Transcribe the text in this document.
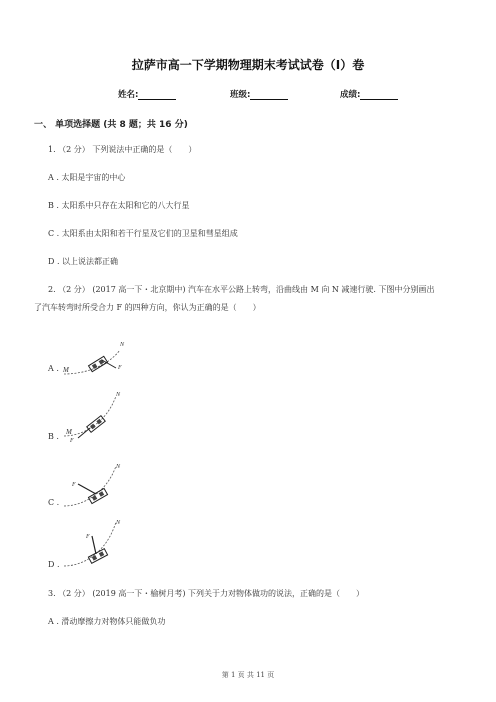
拉萨市高一下学期物理期末考试试卷（I）卷
姓名:	班级:	成绩:
一、 单项选择题 (共 8 题；共 16 分)
1. （2 分） 下列说法中正确的是（　　）
A . 太阳是宇宙的中心
B . 太阳系中只存在太阳和它的八大行星
C . 太阳系由太阳和若干行星及它们的卫星和彗星组成
D . 以上说法都正确
2. （2 分） (2017 高一下・北京期中) 汽车在水平公路上转弯，沿曲线由 M 向 N 减速行驶. 下图中分别画出
了汽车转弯时所受合力 F 的四种方向，你认为正确的是（　　）
A . M	F
N
B . M
F
N
C .
F
N
D .
F
N
3. （2 分） (2019 高一下・榆树月考) 下列关于力对物体做功的说法，正确的是（　　）
A . 滑动摩擦力对物体只能做负功
第 1 页 共 11 页
